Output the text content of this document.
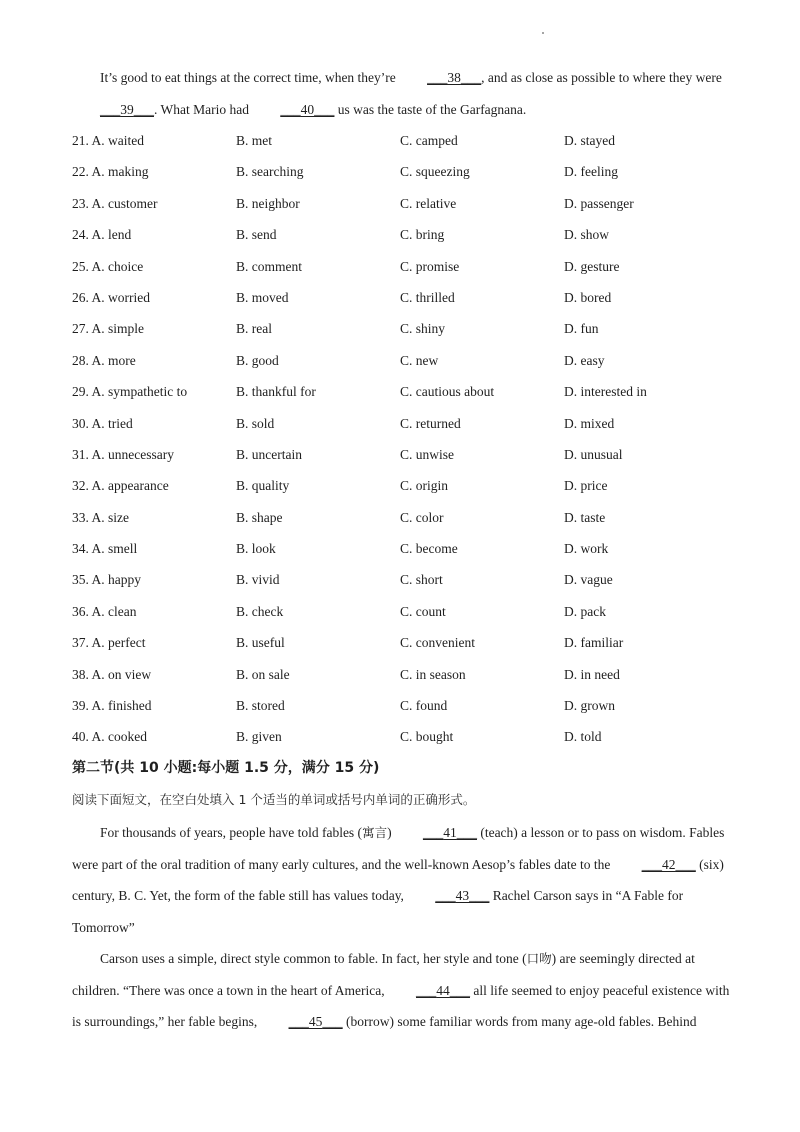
It’s good to eat things at the correct time, when they’re	___ 38 ___ , and as close as possible to where they were ___ 39 ___ . What Mario had	___ 40 ___ us was the taste of the Garfagnana.

21. A. waited	B. met	C. camped	D. stayed
22. A. making	B. searching	C. squeezing	D. feeling
23. A. customer	B. neighbor	C. relative	D. passenger
24. A. lend	B. send	C. bring	D. show
25. A. choice	B. comment	C. promise	D. gesture
26. A. worried	B. moved	C. thrilled	D. bored
27. A. simple	B. real	C. shiny	D. fun
28. A. more	B. good	C. new	D. easy
29. A. sympathetic to	B. thankful for	C. cautious about	D. interested in
30. A. tried	B. sold	C. returned	D. mixed
31. A. unnecessary	B. uncertain	C. unwise	D. unusual
32. A. appearance	B. quality	C. origin	D. price
33. A. size	B. shape	C. color	D. taste
34. A. smell	B. look	C. become	D. work
35. A. happy	B. vivid	C. short	D. vague
36. A. clean	B. check	C. count	D. pack
37. A. perfect	B. useful	C. convenient	D. familiar
38. A. on view	B. on sale	C. in season	D. in need
39. A. finished	B. stored	C. found	D. grown
40. A. cooked	B. given	C. bought	D. told

第二节(共 10 小题:每小题 1.5 分，满分 15 分)

阅读下面短文，在空白处填入 1 个适当的单词或括号内单词的正确形式。

For thousands of years, people have told fables (寓言)	___ 41 ___ (teach) a lesson or to pass on wisdom. Fables were part of the oral tradition of many early cultures, and the well-known Aesop’s fables date to the	___ 42 ___ (six) century, B. C. Yet, the form of the fable still has values today,	___ 43 ___ Rachel Carson says in “A Fable for Tomorrow”

Carson uses a simple, direct style common to fable. In fact, her style and tone (口吻) are seemingly directed at children. “There was once a town in the heart of America,	___ 44 ___ all life seemed to enjoy peaceful existence with is surroundings,” her fable begins,	___ 45 ___ (borrow) some familiar words from many age-old fables. Behind
